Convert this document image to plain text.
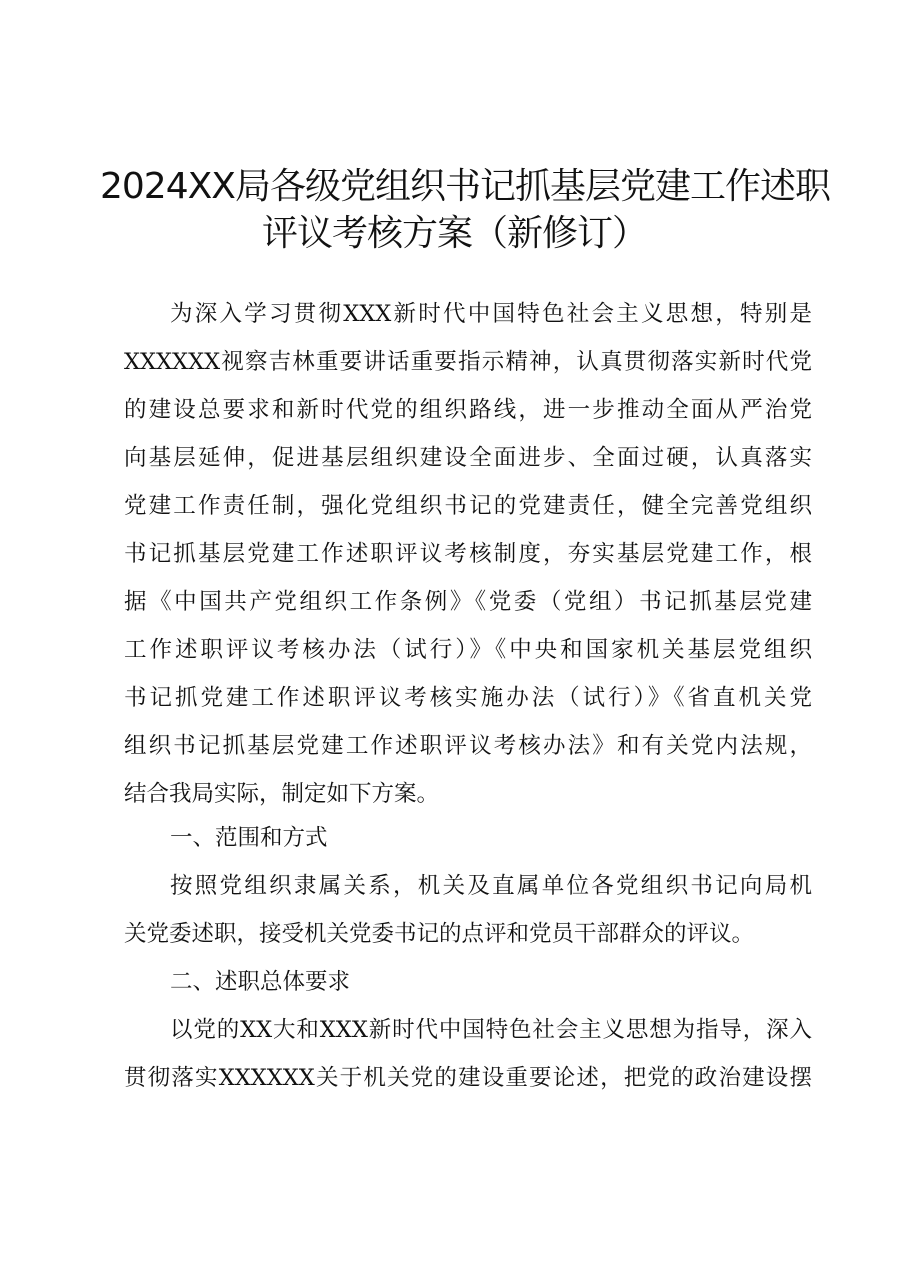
2024XX局各级党组织书记抓基层党建工作述职
评议考核方案（新修订）
为深入学习贯彻XXX新时代中国特色社会主义思想，特别是
XXXXXX视察吉林重要讲话重要指示精神，认真贯彻落实新时代党
的建设总要求和新时代党的组织路线，进一步推动全面从严治党
向基层延伸，促进基层组织建设全面进步、全面过硬，认真落实
党建工作责任制，强化党组织书记的党建责任，健全完善党组织
书记抓基层党建工作述职评议考核制度，夯实基层党建工作，根
据《中国共产党组织工作条例》《党委（党组）书记抓基层党建
工作述职评议考核办法（试行）》《中央和国家机关基层党组织
书记抓党建工作述职评议考核实施办法（试行）》《省直机关党
组织书记抓基层党建工作述职评议考核办法》和有关党内法规，
结合我局实际，制定如下方案。
一、范围和方式
按照党组织隶属关系，机关及直属单位各党组织书记向局机
关党委述职，接受机关党委书记的点评和党员干部群众的评议。
二、述职总体要求
以党的XX大和XXX新时代中国特色社会主义思想为指导，深入
贯彻落实XXXXXX关于机关党的建设重要论述，把党的政治建设摆
